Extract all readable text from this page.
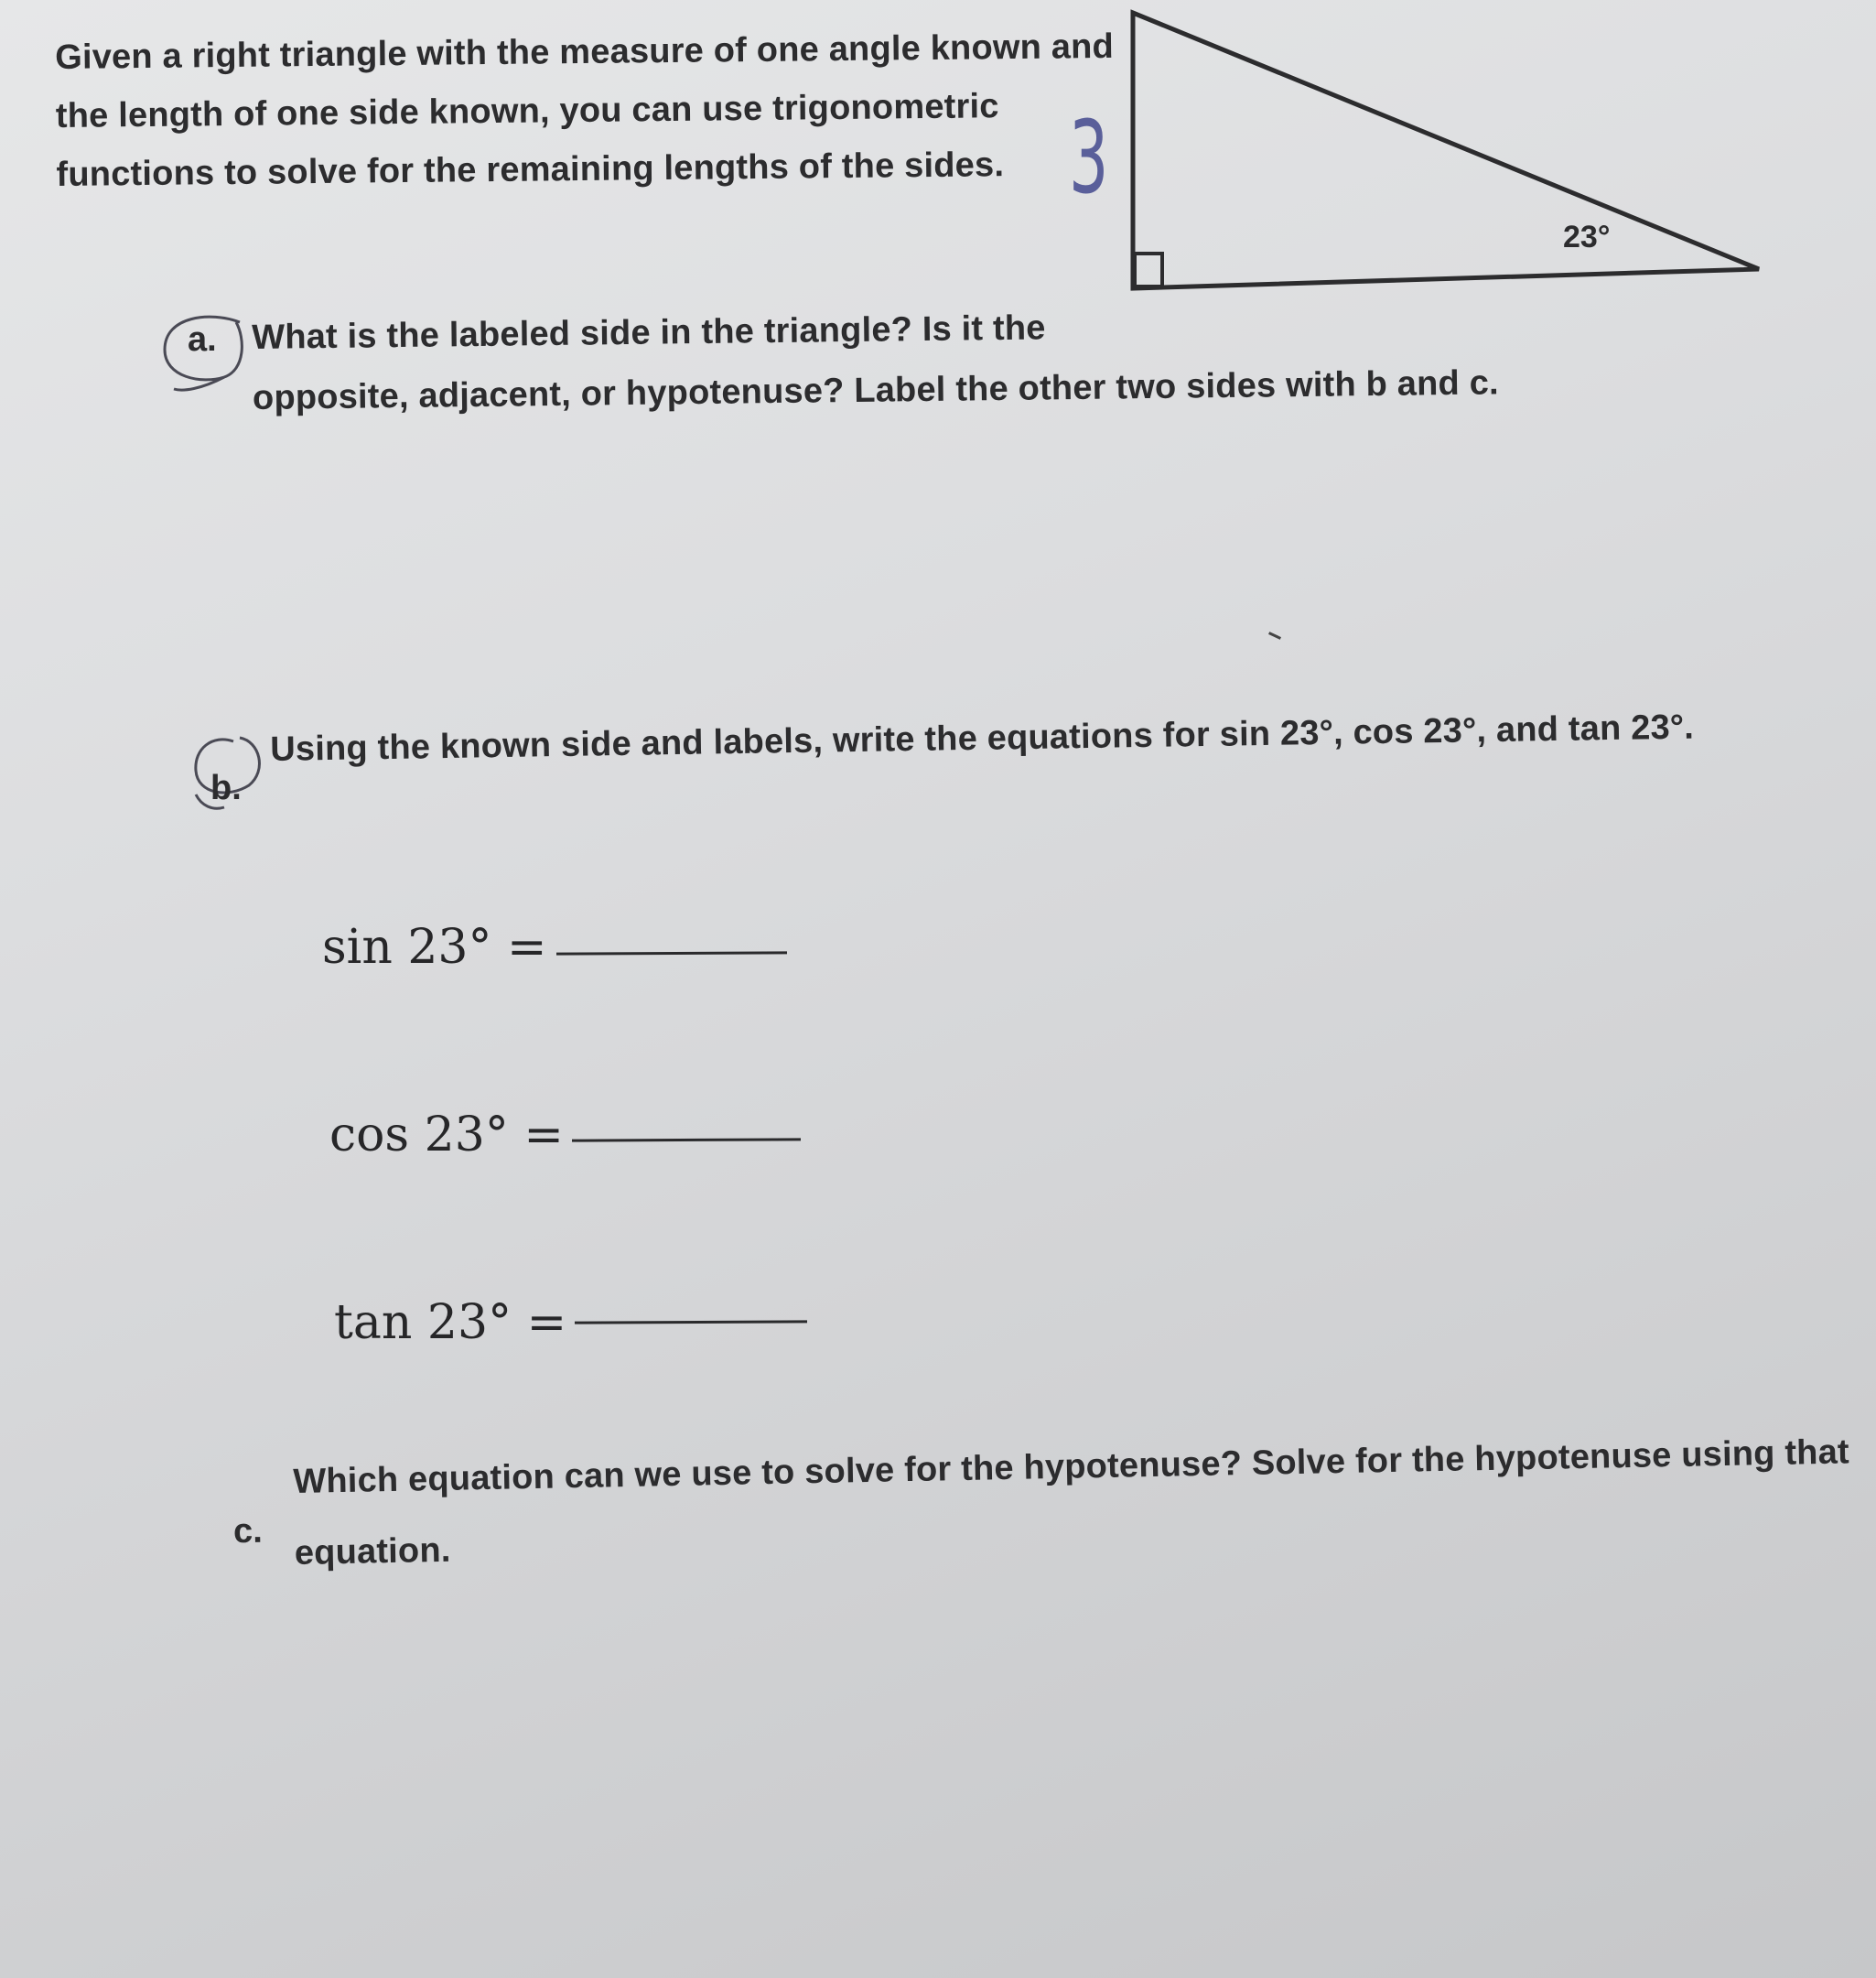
Given a right triangle with the measure of one angle known and
the length of one side known, you can use trigonometric
functions to solve for the remaining lengths of the sides. 3
23°
a. What is the labeled side in the triangle? Is it the
opposite, adjacent, or hypotenuse? Label the other two sides with b and c.
b.
Using the known side and labels, write the equations for sin 23°, cos 23°, and tan 23°.
sin 23° =
cos 23° =
tan 23° =
c.
Which equation can we use to solve for the hypotenuse? Solve for the hypotenuse using that
equation.
